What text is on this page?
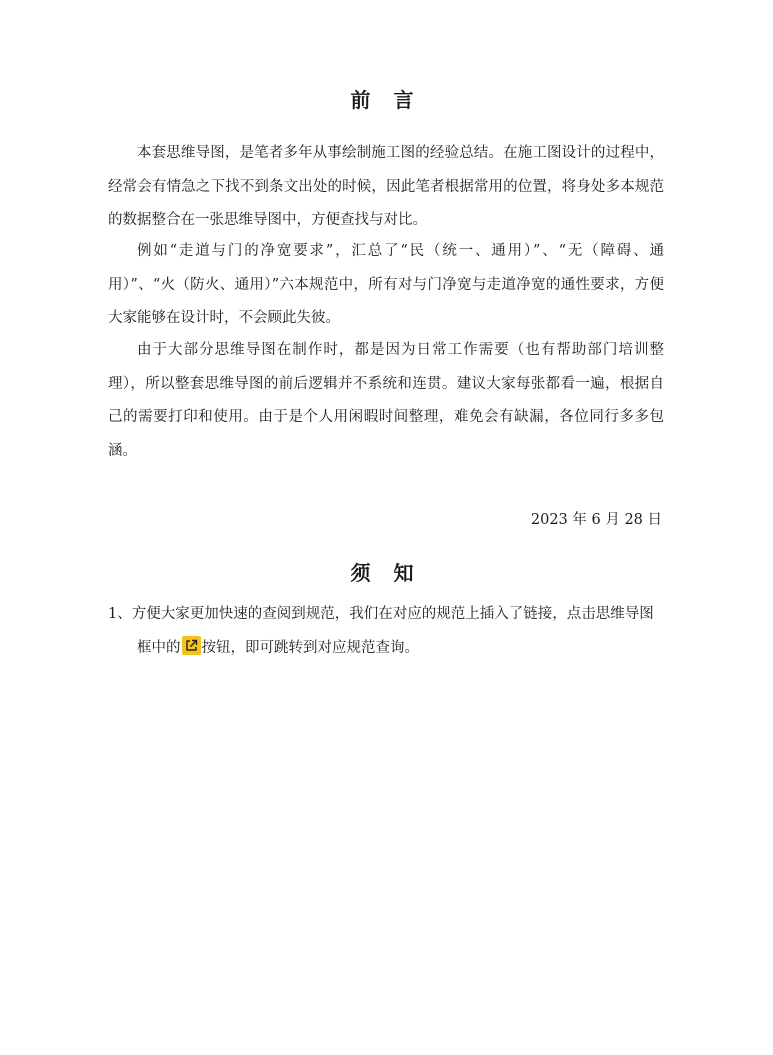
前 言

本套思维导图，是笔者多年从事绘制施工图的经验总结。在施工图设计的过程中，经常会有情急之下找不到条文出处的时候，因此笔者根据常用的位置，将身处多本规范的数据整合在一张思维导图中，方便查找与对比。

例如“走道与门的净宽要求”，汇总了“民（统一、通用）”、“无（障碍、通用）”、“火（防火、通用）”六本规范中，所有对与门净宽与走道净宽的通性要求，方便大家能够在设计时，不会顾此失彼。

由于大部分思维导图在制作时，都是因为日常工作需要（也有帮助部门培训整理），所以整套思维导图的前后逻辑并不系统和连贯。建议大家每张都看一遍，根据自己的需要打印和使用。由于是个人用闲暇时间整理，难免会有缺漏，各位同行多多包涵。

2023 年 6 月 28 日
须 知

1、方便大家更加快速的查阅到规范，我们在对应的规范上插入了链接，点击思维导图框中的 按钮，即可跳转到对应规范查询。
